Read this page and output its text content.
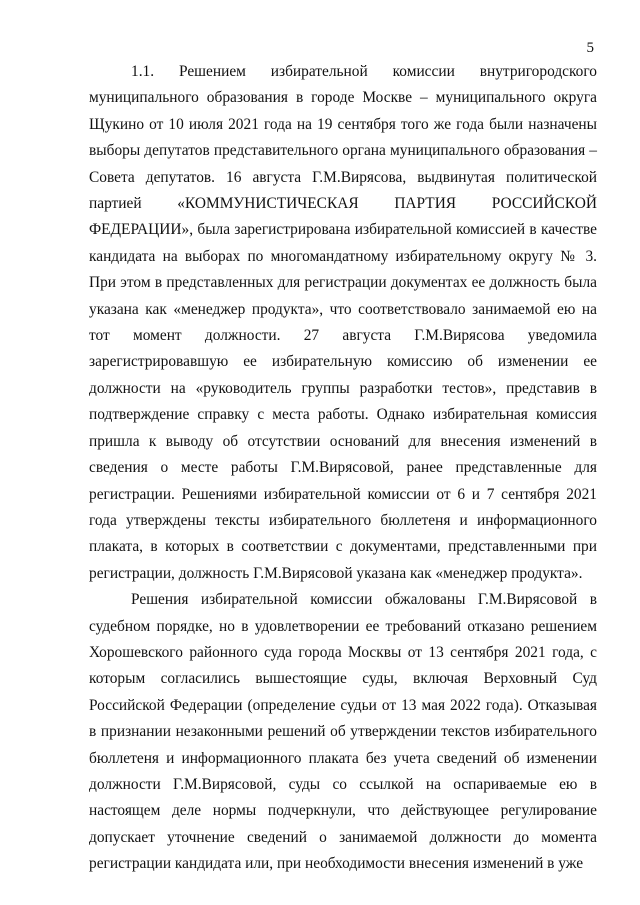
5

1.1. Решением избирательной комиссии внутригородского муниципального образования в городе Москве – муниципального округа Щукино от 10 июля 2021 года на 19 сентября того же года были назначены выборы депутатов представительного органа муниципального образования – Совета депутатов. 16 августа Г.М.Вирясова, выдвинутая политической партией «КОММУНИСТИЧЕСКАЯ ПАРТИЯ РОССИЙСКОЙ ФЕДЕРАЦИИ», была зарегистрирована избирательной комиссией в качестве кандидата на выборах по многомандатному избирательному округу № 3. При этом в представленных для регистрации документах ее должность была указана как «менеджер продукта», что соответствовало занимаемой ею на тот момент должности. 27 августа Г.М.Вирясова уведомила зарегистрировавшую ее избирательную комиссию об изменении ее должности на «руководитель группы разработки тестов», представив в подтверждение справку с места работы. Однако избирательная комиссия пришла к выводу об отсутствии оснований для внесения изменений в сведения о месте работы Г.М.Вирясовой, ранее представленные для регистрации. Решениями избирательной комиссии от 6 и 7 сентября 2021 года утверждены тексты избирательного бюллетеня и информационного плаката, в которых в соответствии с документами, представленными при регистрации, должность Г.М.Вирясовой указана как «менеджер продукта».

Решения избирательной комиссии обжалованы Г.М.Вирясовой в судебном порядке, но в удовлетворении ее требований отказано решением Хорошевского районного суда города Москвы от 13 сентября 2021 года, с которым согласились вышестоящие суды, включая Верховный Суд Российской Федерации (определение судьи от 13 мая 2022 года). Отказывая в признании незаконными решений об утверждении текстов избирательного бюллетеня и информационного плаката без учета сведений об изменении должности Г.М.Вирясовой, суды со ссылкой на оспариваемые ею в настоящем деле нормы подчеркнули, что действующее регулирование допускает уточнение сведений о занимаемой должности до момента регистрации кандидата или, при необходимости внесения изменений в уже
